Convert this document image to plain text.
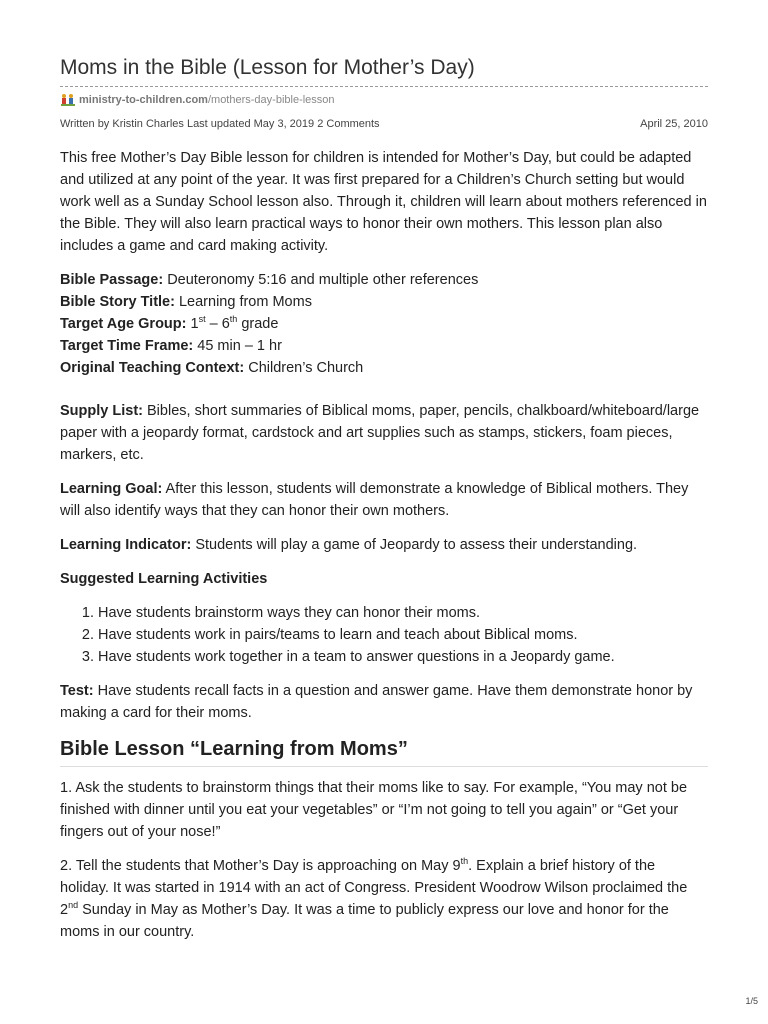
Moms in the Bible (Lesson for Mother’s Day)
ministry-to-children.com /mothers-day-bible-lesson
Written by Kristin Charles Last updated May 3, 2019 2 Comments	April 25, 2010

This free Mother’s Day Bible lesson for children is intended for Mother’s Day, but could be adapted and utilized at any point of the year. It was first prepared for a Children’s Church setting but would work well as a Sunday School lesson also. Through it, children will learn about mothers referenced in the Bible. They will also learn practical ways to honor their own mothers. This lesson plan also includes a game and card making activity.

Bible Passage: Deuteronomy 5:16 and multiple other references
Bible Story Title: Learning from Moms
Target Age Group: 1st – 6th grade
Target Time Frame: 45 min – 1 hr
Original Teaching Context: Children’s Church

Supply List: Bibles, short summaries of Biblical moms, paper, pencils, chalkboard/whiteboard/large paper with a jeopardy format, cardstock and art supplies such as stamps, stickers, foam pieces, markers, etc.

Learning Goal: After this lesson, students will demonstrate a knowledge of Biblical mothers. They will also identify ways that they can honor their own mothers.

Learning Indicator: Students will play a game of Jeopardy to assess their understanding.

Suggested Learning Activities

1. Have students brainstorm ways they can honor their moms.
2. Have students work in pairs/teams to learn and teach about Biblical moms.
3. Have students work together in a team to answer questions in a Jeopardy game.

Test: Have students recall facts in a question and answer game. Have them demonstrate honor by making a card for their moms.

Bible Lesson “Learning from Moms”

1. Ask the students to brainstorm things that their moms like to say. For example, “You may not be finished with dinner until you eat your vegetables” or “I’m not going to tell you again” or “Get your fingers out of your nose!”

2. Tell the students that Mother’s Day is approaching on May 9th. Explain a brief history of the holiday. It was started in 1914 with an act of Congress. President Woodrow Wilson proclaimed the 2nd Sunday in May as Mother’s Day. It was a time to publicly express our love and honor for the moms in our country.

1/5
